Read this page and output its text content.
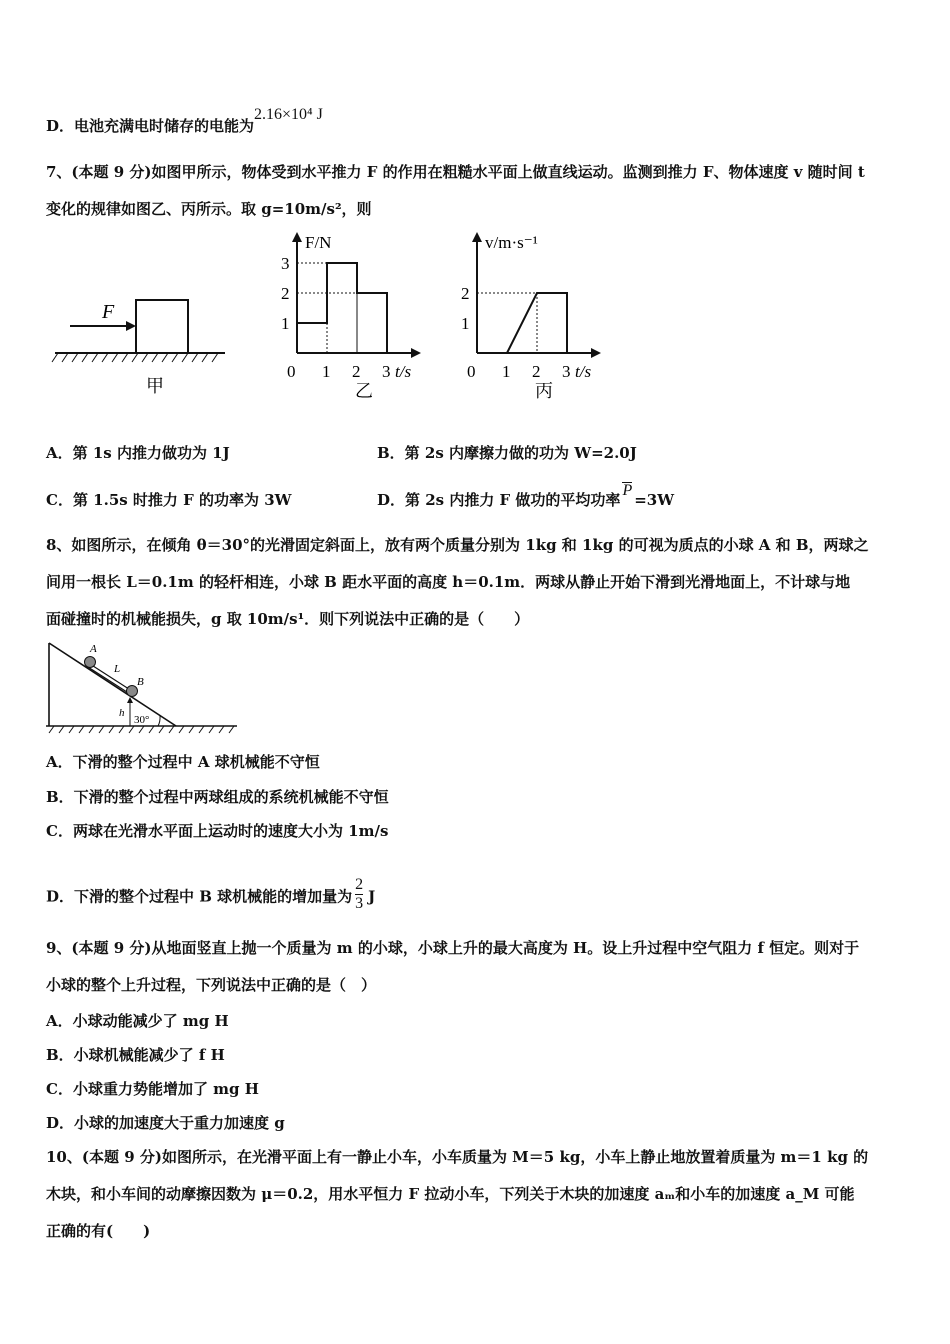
D．电池充满电时储存的电能为2.16×10⁴ J
7、(本题 9 分)如图甲所示，物体受到水平推力 F 的作用在粗糙水平面上做直线运动。监测到推力 F、物体速度 v 随时间 t
变化的规律如图乙、丙所示。取 g=10m/s²，则
F
甲
F/N
t/s
0 1 2 3
1
2
3
乙
v/m·s⁻¹
t/s
0 1 2 3
1
2
丙
A．第 1s 内推力做功为 1J	B．第 2s 内摩擦力做的功为 W=2.0J
C．第 1.5s 时推力 F 的功率为 3W	D．第 2s 内推力 F 做功的平均功率P=3W
8、如图所示，在倾角 θ＝30°的光滑固定斜面上，放有两个质量分别为 1kg 和 1kg 的可视为质点的小球 A 和 B，两球之
间用一根长 L＝0.1m 的轻杆相连，小球 B 距水平面的高度 h＝0.1m．两球从静止开始下滑到光滑地面上，不计球与地
面碰撞时的机械能损失，g 取 10m/s¹．则下列说法中正确的是（　　）
A
B
L
h
30°
A．下滑的整个过程中 A 球机械能不守恒
B．下滑的整个过程中两球组成的系统机械能不守恒
C．两球在光滑水平面上运动时的速度大小为 1m/s
D．下滑的整个过程中 B 球机械能的增加量为 $\frac{2}{3}$ J
9、(本题 9 分)从地面竖直上抛一个质量为 m 的小球，小球上升的最大高度为 H。设上升过程中空气阻力 f 恒定。则对于
小球的整个上升过程，下列说法中正确的是（　）
A．小球动能减少了 mg H
B．小球机械能减少了 f H
C．小球重力势能增加了 mg H
D．小球的加速度大于重力加速度 g
10、(本题 9 分)如图所示，在光滑平面上有一静止小车，小车质量为 M＝5 kg，小车上静止地放置着质量为 m＝1 kg 的
木块，和小车间的动摩擦因数为 μ＝0.2，用水平恒力 F 拉动小车，下列关于木块的加速度 aₘ和小车的加速度 a_M 可能
正确的有(　　)
